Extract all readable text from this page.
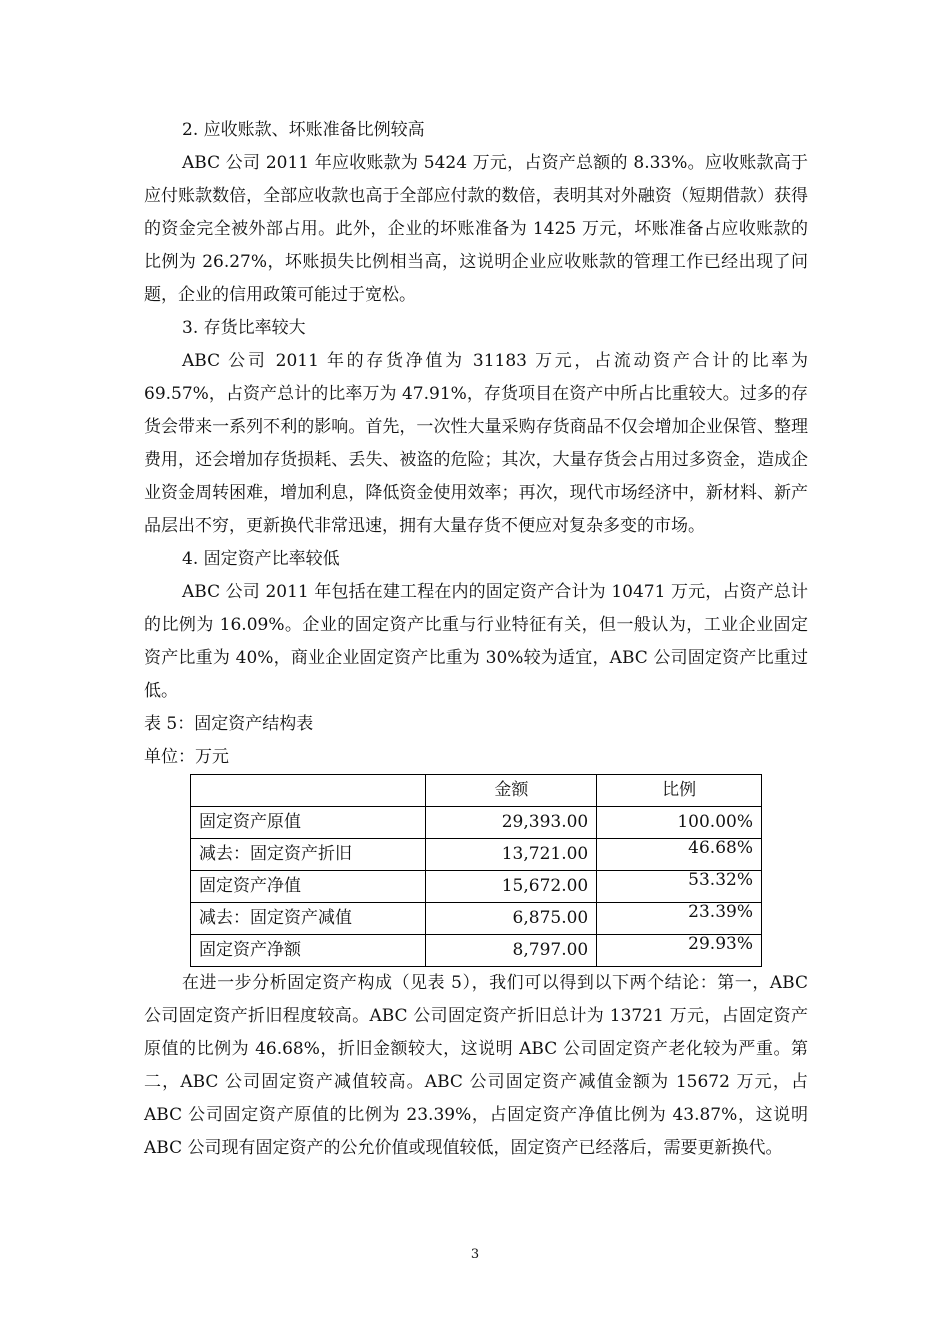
2. 应收账款、坏账准备比例较高

ABC 公司 2011 年应收账款为 5424 万元，占资产总额的 8.33%。应收账款高于应付账款数倍，全部应收款也高于全部应付款的数倍，表明其对外融资（短期借款）获得的资金完全被外部占用。此外，企业的坏账准备为 1425 万元，坏账准备占应收账款的比例为 26.27%，坏账损失比例相当高，这说明企业应收账款的管理工作已经出现了问题，企业的信用政策可能过于宽松。

3. 存货比率较大

ABC 公司 2011 年的存货净值为 31183 万元，占流动资产合计的比率为 69.57%，占资产总计的比率万为 47.91%，存货项目在资产中所占比重较大。过多的存货会带来一系列不利的影响。首先，一次性大量采购存货商品不仅会增加企业保管、整理费用，还会增加存货损耗、丢失、被盗的危险；其次，大量存货会占用过多资金，造成企业资金周转困难，增加利息，降低资金使用效率；再次，现代市场经济中，新材料、新产品层出不穷，更新换代非常迅速，拥有大量存货不便应对复杂多变的市场。

4. 固定资产比率较低

ABC 公司 2011 年包括在建工程在内的固定资产合计为 10471 万元，占资产总计的比例为 16.09%。企业的固定资产比重与行业特征有关，但一般认为，工业企业固定资产比重为 40%，商业企业固定资产比重为 30%较为适宜，ABC 公司固定资产比重过低。

表 5：固定资产结构表

单位：万元

	金额	比例
固定资产原值	29,393.00	100.00%
减去：固定资产折旧	13,721.00	46.68%
固定资产净值	15,672.00	53.32%
减去：固定资产减值	6,875.00	23.39%
固定资产净额	8,797.00	29.93%

在进一步分析固定资产构成（见表 5），我们可以得到以下两个结论：第一，ABC 公司固定资产折旧程度较高。ABC 公司固定资产折旧总计为 13721 万元，占固定资产原值的比例为 46.68%，折旧金额较大，这说明 ABC 公司固定资产老化较为严重。第二，ABC 公司固定资产减值较高。ABC 公司固定资产减值金额为 15672 万元，占 ABC 公司固定资产原值的比例为 23.39%，占固定资产净值比例为 43.87%，这说明 ABC 公司现有固定资产的公允价值或现值较低，固定资产已经落后，需要更新换代。

3
